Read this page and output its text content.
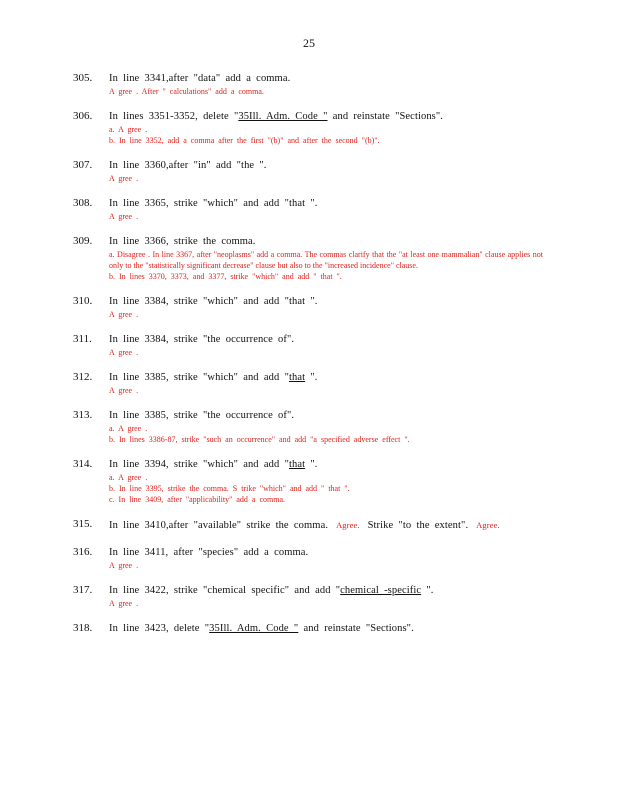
25
305.	In line 3341,after "data" add a comma.
A gree . After " calculations" add a comma.
306.	In lines 3351-3352, delete "35Ill. Adm. Code " and reinstate "Sections".
a. A gree .
b. In line 3352, add a comma after the first "(b)" and after the second "(b)".
307.	In line 3360,after "in" add "the ".
A gree .
308.	In line 3365, strike "which" and add "that ".
A gree .
309.	In line 3366, strike the comma.
a. Disagree . In line 3367, after "neoplasms" add a comma. The commas clarify that the "at least one mammalian" clause applies not only to the "statistically significant decrease" clause but also to the "increased incidence" clause.
b. In lines 3370, 3373, and 3377, strike "which" and add " that ".
310.	In line 3384, strike "which" and add "that ".
A gree .
311.	In line 3384, strike "the occurrence of".
A gree .
312.	In line 3385, strike "which" and add "that ".
A gree .
313.	In line 3385, strike "the occurrence of".
a. A gree .
b. In lines 3386-87, strike "such an occurrence" and add "a specified adverse effect ".
314.	In line 3394, strike "which" and add "that ".
a. A gree .
b. In line 3395, strike the comma. S trike "which" and add " that ".
c. In line 3409, after "applicability" add a comma.
315.	In line 3410,after "available" strike the comma. Agree. Strike "to the extent". Agree.
316.	In line 3411, after "species" add a comma.
A gree .
317.	In line 3422, strike "chemical specific" and add "chemical -specific ".
A gree .
318.	In line 3423, delete "35Ill. Adm. Code " and reinstate "Sections".
